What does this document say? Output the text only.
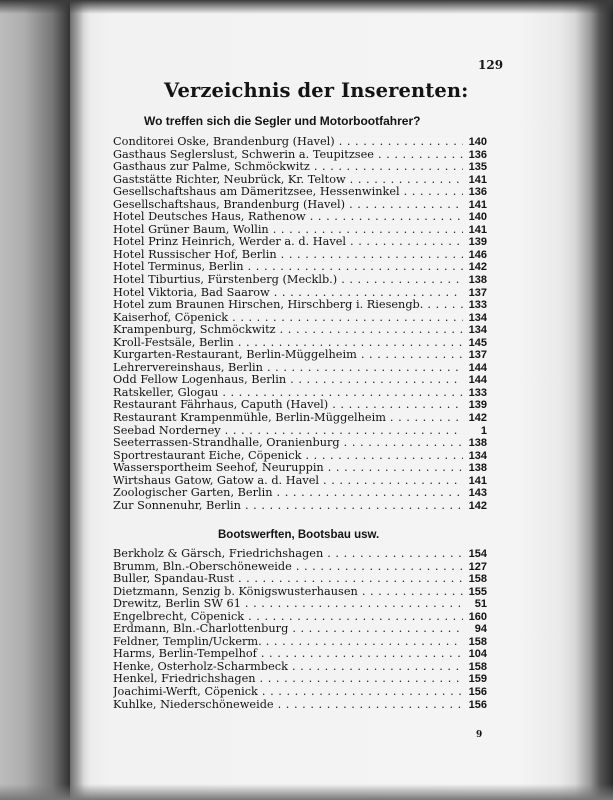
129
Verzeichnis der Inserenten:
Wo treffen sich die Segler und Motorbootfahrer?
Conditorei Oske, Brandenburg (Havel) . . .	140
Gasthaus Seglerslust, Schwerin a. Teupitzsee . . .	136
Gasthaus zur Palme, Schmöckwitz . . .	135
Gaststätte Richter, Neubrück, Kr. Teltow . . .	141
Gesellschaftshaus am Dämeritzsee, Hessenwinkel . . .	136
Gesellschaftshaus, Brandenburg (Havel) . . .	141
Hotel Deutsches Haus, Rathenow . . .	140
Hotel Grüner Baum, Wollin . . .	141
Hotel Prinz Heinrich, Werder a. d. Havel . . .	139
Hotel Russischer Hof, Berlin . . .	146
Hotel Terminus, Berlin . . .	142
Hotel Tiburtius, Fürstenberg (Mecklb.) . . .	138
Hotel Viktoria, Bad Saarow . . .	137
Hotel zum Braunen Hirschen, Hirschberg i. Riesengb. . . .	133
Kaiserhof, Cöpenick . . .	134
Krampenburg, Schmöckwitz . . .	134
Kroll-Festsäle, Berlin . . .	145
Kurgarten-Restaurant, Berlin-Müggelheim . . .	137
Lehrervereinshaus, Berlin . . .	144
Odd Fellow Logenhaus, Berlin . . .	144
Ratskeller, Glogau . . .	133
Restaurant Fährhaus, Caputh (Havel) . . .	139
Restaurant Krampenmühle, Berlin-Müggelheim . . .	142
Seebad Norderney . . .	1
Seeterrassen-Strandhalle, Oranienburg . . .	138
Sportrestaurant Eiche, Cöpenick . . .	134
Wassersportheim Seehof, Neuruppin . . .	138
Wirtshaus Gatow, Gatow a. d. Havel . . .	141
Zoologischer Garten, Berlin . . .	143
Zur Sonnenuhr, Berlin . . .	142
Bootswerften, Bootsbau usw.
Berkholz & Gärsch, Friedrichshagen . . .	154
Brumm, Bln.-Oberschöneweide . . .	127
Buller, Spandau-Rust . . .	158
Dietzmann, Senzig b. Königswusterhausen . . .	155
Drewitz, Berlin SW 61 . . .	51
Engelbrecht, Cöpenick . . .	160
Erdmann, Bln.-Charlottenburg . . .	94
Feldner, Templin/Uckerm. . . .	158
Harms, Berlin-Tempelhof . . .	104
Henke, Osterholz-Scharmbeck . . .	158
Henkel, Friedrichshagen . . .	159
Joachimi-Werft, Cöpenick . . .	156
Kuhlke, Niederschöneweide . . .	156
9
